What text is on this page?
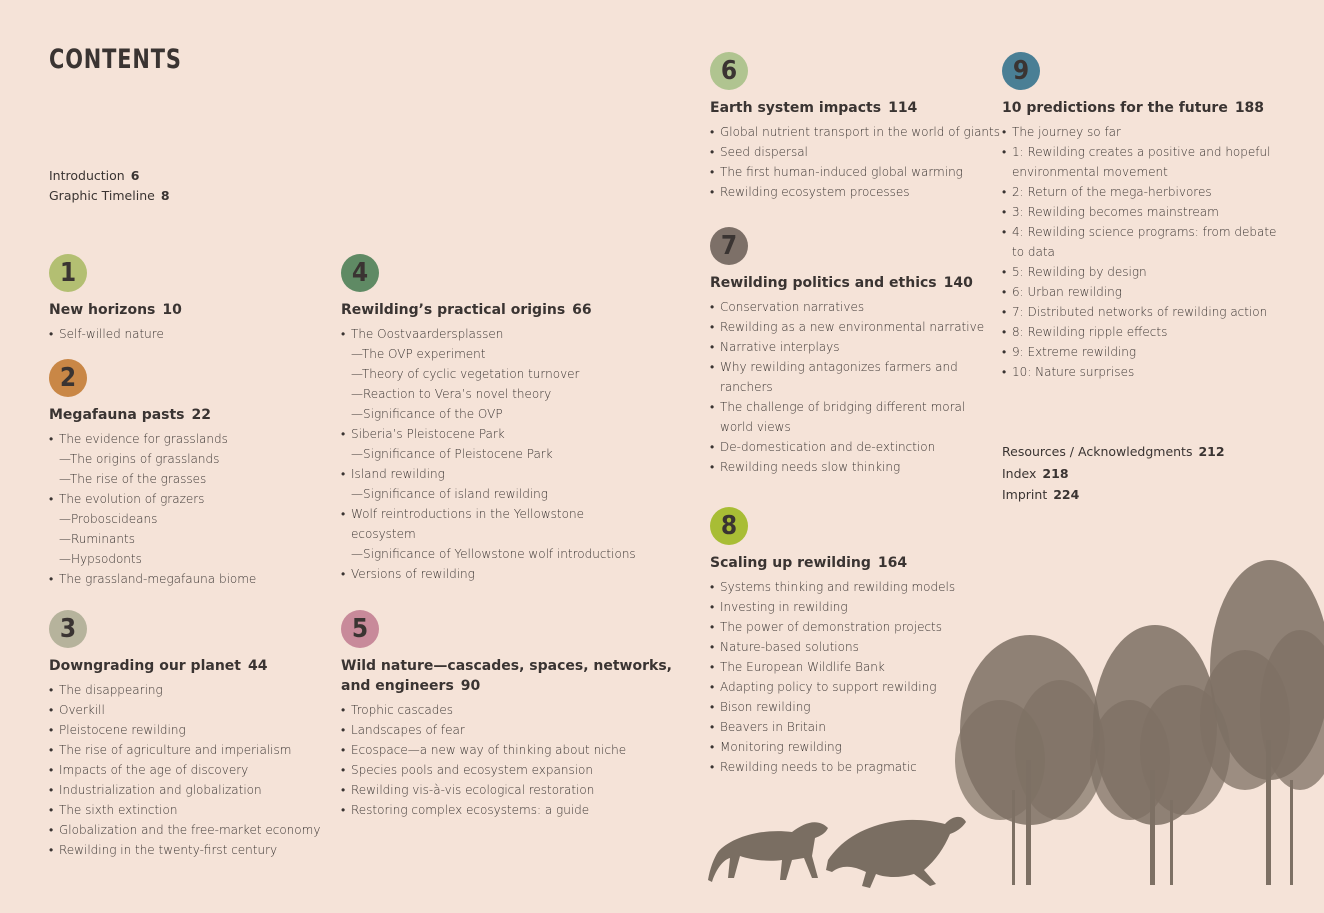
CONTENTS
Introduction 6
Graphic Timeline 8
1
New horizons 10
• Self-willed nature
2
Megafauna pasts 22
• The evidence for grasslands
—The origins of grasslands
—The rise of the grasses
• The evolution of grazers
—Proboscideans
—Ruminants
—Hypsodonts
• The grassland-megafauna biome
3
Downgrading our planet 44
• The disappearing
• Overkill
• Pleistocene rewilding
• The rise of agriculture and imperialism
• Impacts of the age of discovery
• Industrialization and globalization
• The sixth extinction
• Globalization and the free-market economy
• Rewilding in the twenty-first century
4
Rewilding’s practical origins 66
• The Oostvaardersplassen
—The OVP experiment
—Theory of cyclic vegetation turnover
—Reaction to Vera’s novel theory
—Significance of the OVP
• Siberia’s Pleistocene Park
—Significance of Pleistocene Park
• Island rewilding
—Significance of island rewilding
• Wolf reintroductions in the Yellowstone
ecosystem
—Significance of Yellowstone wolf introductions
• Versions of rewilding
5
Wild nature—cascades, spaces, networks,
and engineers 90
• Trophic cascades
• Landscapes of fear
• Ecospace—a new way of thinking about niche
• Species pools and ecosystem expansion
• Rewilding vis-à-vis ecological restoration
• Restoring complex ecosystems: a guide
6
Earth system impacts 114
• Global nutrient transport in the world of giants
• Seed dispersal
• The first human-induced global warming
• Rewilding ecosystem processes
7
Rewilding politics and ethics 140
• Conservation narratives
• Rewilding as a new environmental narrative
• Narrative interplays
• Why rewilding antagonizes farmers and
ranchers
• The challenge of bridging different moral
world views
• De-domestication and de-extinction
• Rewilding needs slow thinking
8
Scaling up rewilding 164
• Systems thinking and rewilding models
• Investing in rewilding
• The power of demonstration projects
• Nature-based solutions
• The European Wildlife Bank
• Adapting policy to support rewilding
• Bison rewilding
• Beavers in Britain
• Monitoring rewilding
• Rewilding needs to be pragmatic
9
10 predictions for the future 188
• The journey so far
• 1: Rewilding creates a positive and hopeful
environmental movement
• 2: Return of the mega-herbivores
• 3: Rewilding becomes mainstream
• 4: Rewilding science programs: from debate
to data
• 5: Rewilding by design
• 6: Urban rewilding
• 7: Distributed networks of rewilding action
• 8: Rewilding ripple effects
• 9: Extreme rewilding
• 10: Nature surprises
Resources / Acknowledgments 212
Index 218
Imprint 224
